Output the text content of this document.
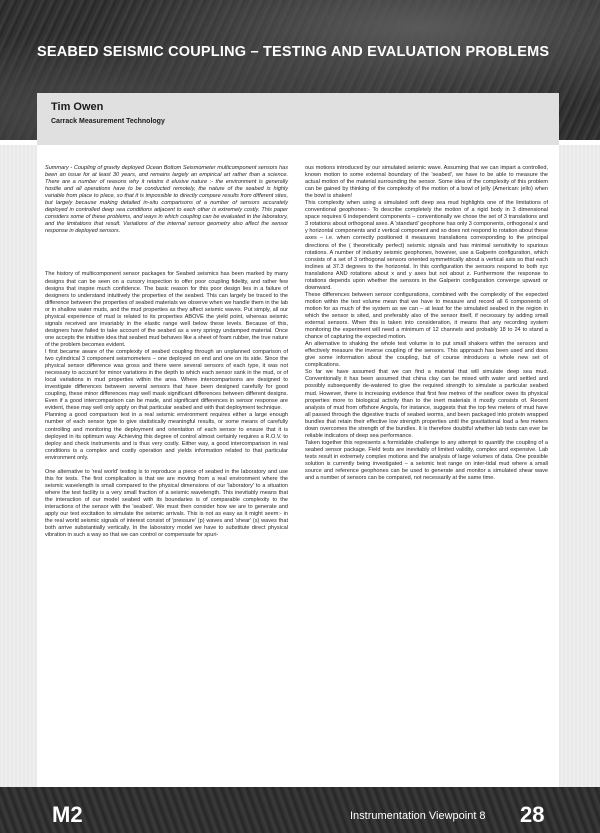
SEABED SEISMIC COUPLING – TESTING AND EVALUATION PROBLEMS

Tim Owen

Carrack Measurement Technology

Summary - Coupling of gravity deployed Ocean Bottom Seismometer multicomponent sensors has been an issue for at least 30 years, and remains largely an empirical art rather than a science. There are a number of reasons why it retains it elusive nature :- the environment is generally hostile and all operations have to be conducted remotely, the nature of the seabed is highly variable from place to place, so that it is impossible to directly compare results from different sites, but largely because making detailed in-situ comparisons of a number of sensors accurately deployed in controlled deep sea conditions adjacent to each other is extremely costly. This paper considers some of these problems, and ways in which coupling can be evaluated in the laboratory, and the limitations that result. Variations of the internal sensor geometry also affect the sensor response in deployed sensors.

The history of multicomponent sensor packages for Seabed seismics has been marked by many designs that can be seen on a cursory inspection to offer poor coupling fidelity, and rather few designs that inspire much confidence. The basic reason for this poor design lies in a failure of designers to understand intuitively the properties of the seabed. This can largely be traced to the difference between the properties of seabed materials we observe when we handle them in the lab or in shallow water muds, and the mud properties as they affect seismic waves. Put simply, all our physical experience of mud is related to its properties ABOVE the yield point, whereas seismic signals received are invariably in the elastic range well below these levels. Because of this, designers have failed to take account of the seabed as a very springy undamped material. Once one accepts the intuitive idea that seabed mud behaves like a sheet of foam rubber, the true nature of the problem becomes evident.

I first became aware of the complexity of seabed coupling through an unplanned comparison of two cylindrical 3 component seismometers – one deployed on end and one on its side. Since the physical sensor difference was gross and there were several sensors of each type, it was not necessary to account for minor variations in the depth to which each sensor sank in the mud, or of local variations in mud properties within the area. Where intercomparisons are designed to investigate differences between several sensors that have been designed carefully for good coupling, these minor differences may well mask significant differences between different designs. Even if a good intercomparison can be made, and significant differences in sensor response are evident, these may well only apply on that particular seabed and with that deployment technique.

Planning a good comparison test in a real seismic environment requires either a large enough number of each sensor type to give statistically meaningful results, or some means of carefully controlling and monitoring the deployment and orientation of each sensor to ensure that it is deployed in its optimum way. Achieving this degree of control almost certainly requires a R.O.V. to deploy and check instruments and is thus very costly. Either way, a good intercomparison in real conditions is a complex and costly operation and yields information related to that particular environment only.

One alternative to 'real world' testing is to reproduce a piece of seabed in the laboratory and use this for tests. The first complication is that we are moving from a real environment where the seismic wavelength is small compared to the physical dimensions of our 'laboratory' to a situation where the test facility is a very small fraction of a seismic wavelength. This inevitably means that the interaction of our model seabed with its boundaries is of comparable complexity to the interactions of the sensor with the 'seabed'. We must then consider how we are to generate and apply our test excitation to simulate the seismic arrivals. This is not as easy as it might seem:- in the real world seismic signals of interest consist of 'pressure' (p) waves and 'shear' (s) waves that both arrive substantially vertically. In the laboratory model we have to substitute direct physical vibration in such a way so that we can control or compensate for spuri-

ous motions introduced by our simulated seismic wave. Assuming that we can impart a controlled, known motion to some external boundary of the 'seabed', we have to be able to measure the actual motion of the material surrounding the sensor. Some idea of the complexity of this problem can be gained by thinking of the complexity of the motion of a bowl of jelly (American: jello) when the bowl is shaken!

This complexity when using a simulated soft deep sea mud highlights one of the limitations of conventional geophones:- To describe completely the motion of a rigid body in 3 dimensional space requires 6 independent components – conventionally we chose the set of 3 translations and 3 rotations about orthogonal axes. A 'standard' geophone has only 3 components, orthogonal x and y horizontal components and z vertical component and so does not respond to rotation about these axes – i.e. when correctly positioned it measures translations corresponding to the principal directions of the ( theoretically perfect) seismic signals and has minimal sensitivity to spurious rotations. A number of industry seismic geophones, however, use a Galperin configuration, which consists of a set of 3 orthogonal sensors oriented symmetrically about a vertical axis so that each inclines at 37.3 degrees to the horizontal. In this configuration the sensors respond to both xyz translations AND rotations about x and y axes but not about z. Furthermore the response to rotations depends upon whether the sensors in the Galperin configuration converge upward or downward.

These differences between sensor configurations, combined with the complexity of the expected motion within the test volume mean that we have to measure and record all 6 components of motion for as much of the system as we can – at least for the simulated seabed in the region in which the sensor is sited, and preferably also of the sensor itself, if necessary by adding small external sensors. When this is taken into consideration, it means that any recording system monitoring the experiment will need a minimum of 12 channels and probably 18 to 24 to stand a chance of capturing the expected motion.

An alternative to shaking the whole test volume is to put small shakers within the sensors and effectively measure the inverse coupling of the sensors. This approach has been used and does give some information about the coupling, but of course introduces a whole new set of complications.

So far we have assumed that we can find a material that will simulate deep sea mud. Conventionally it has been assumed that china clay can be mixed with water and settled and possibly subsequently de-watered to give the required strength to simulate a particular seabed mud. However, there is increasing evidence that first few metres of the seafloor owes its physical properties more to biological activity than to the inert materials it mostly consists of. Recent analysis of mud from offshore Angola, for instance, suggests that the top few meters of mud have all passed through the digestive tracts of seabed worms, and been packaged into protein wrapped bundles that retain their effective low strength properties until the gravitational load a few meters down overcomes the strength of the bundles. It is therefore doubtful whether lab tests can ever be reliable indicators of deep sea performance.

Taken together this represents a formidable challenge to any attempt to quantify the coupling of a seabed sensor package. Field tests are inevitably of limited validity, complex and expensive. Lab tests result in extremely complex motions and the analysis of large volumes of data. One possible solution is currently being investigated – a seismic test range on inter-tidal mud where a small source and reference geophones can be used to generate and monitor a simulated shear wave and a number of sensors can be compared, not necessarily at the same time.

M2	Instrumentation Viewpoint 8 28
